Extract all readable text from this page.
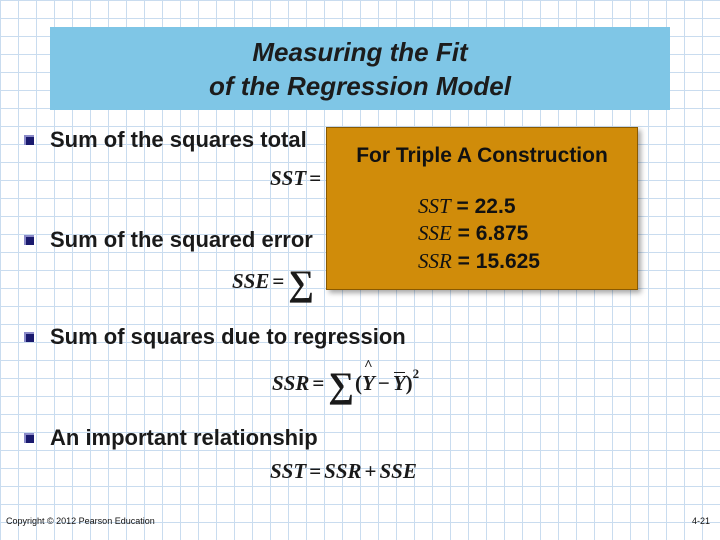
Measuring the Fit
of the Regression Model
Sum of the squares total
SST =
Sum of the squared error
SSE = ∑
Sum of squares due to regression
SSR = ∑(^ Y − Y)$^2$
An important relationship
SST = SSR + SSE
For Triple A Construction
SST = 22.5
SSE = 6.875
SSR = 15.625
Copyright © 2012 Pearson Education	4-21
